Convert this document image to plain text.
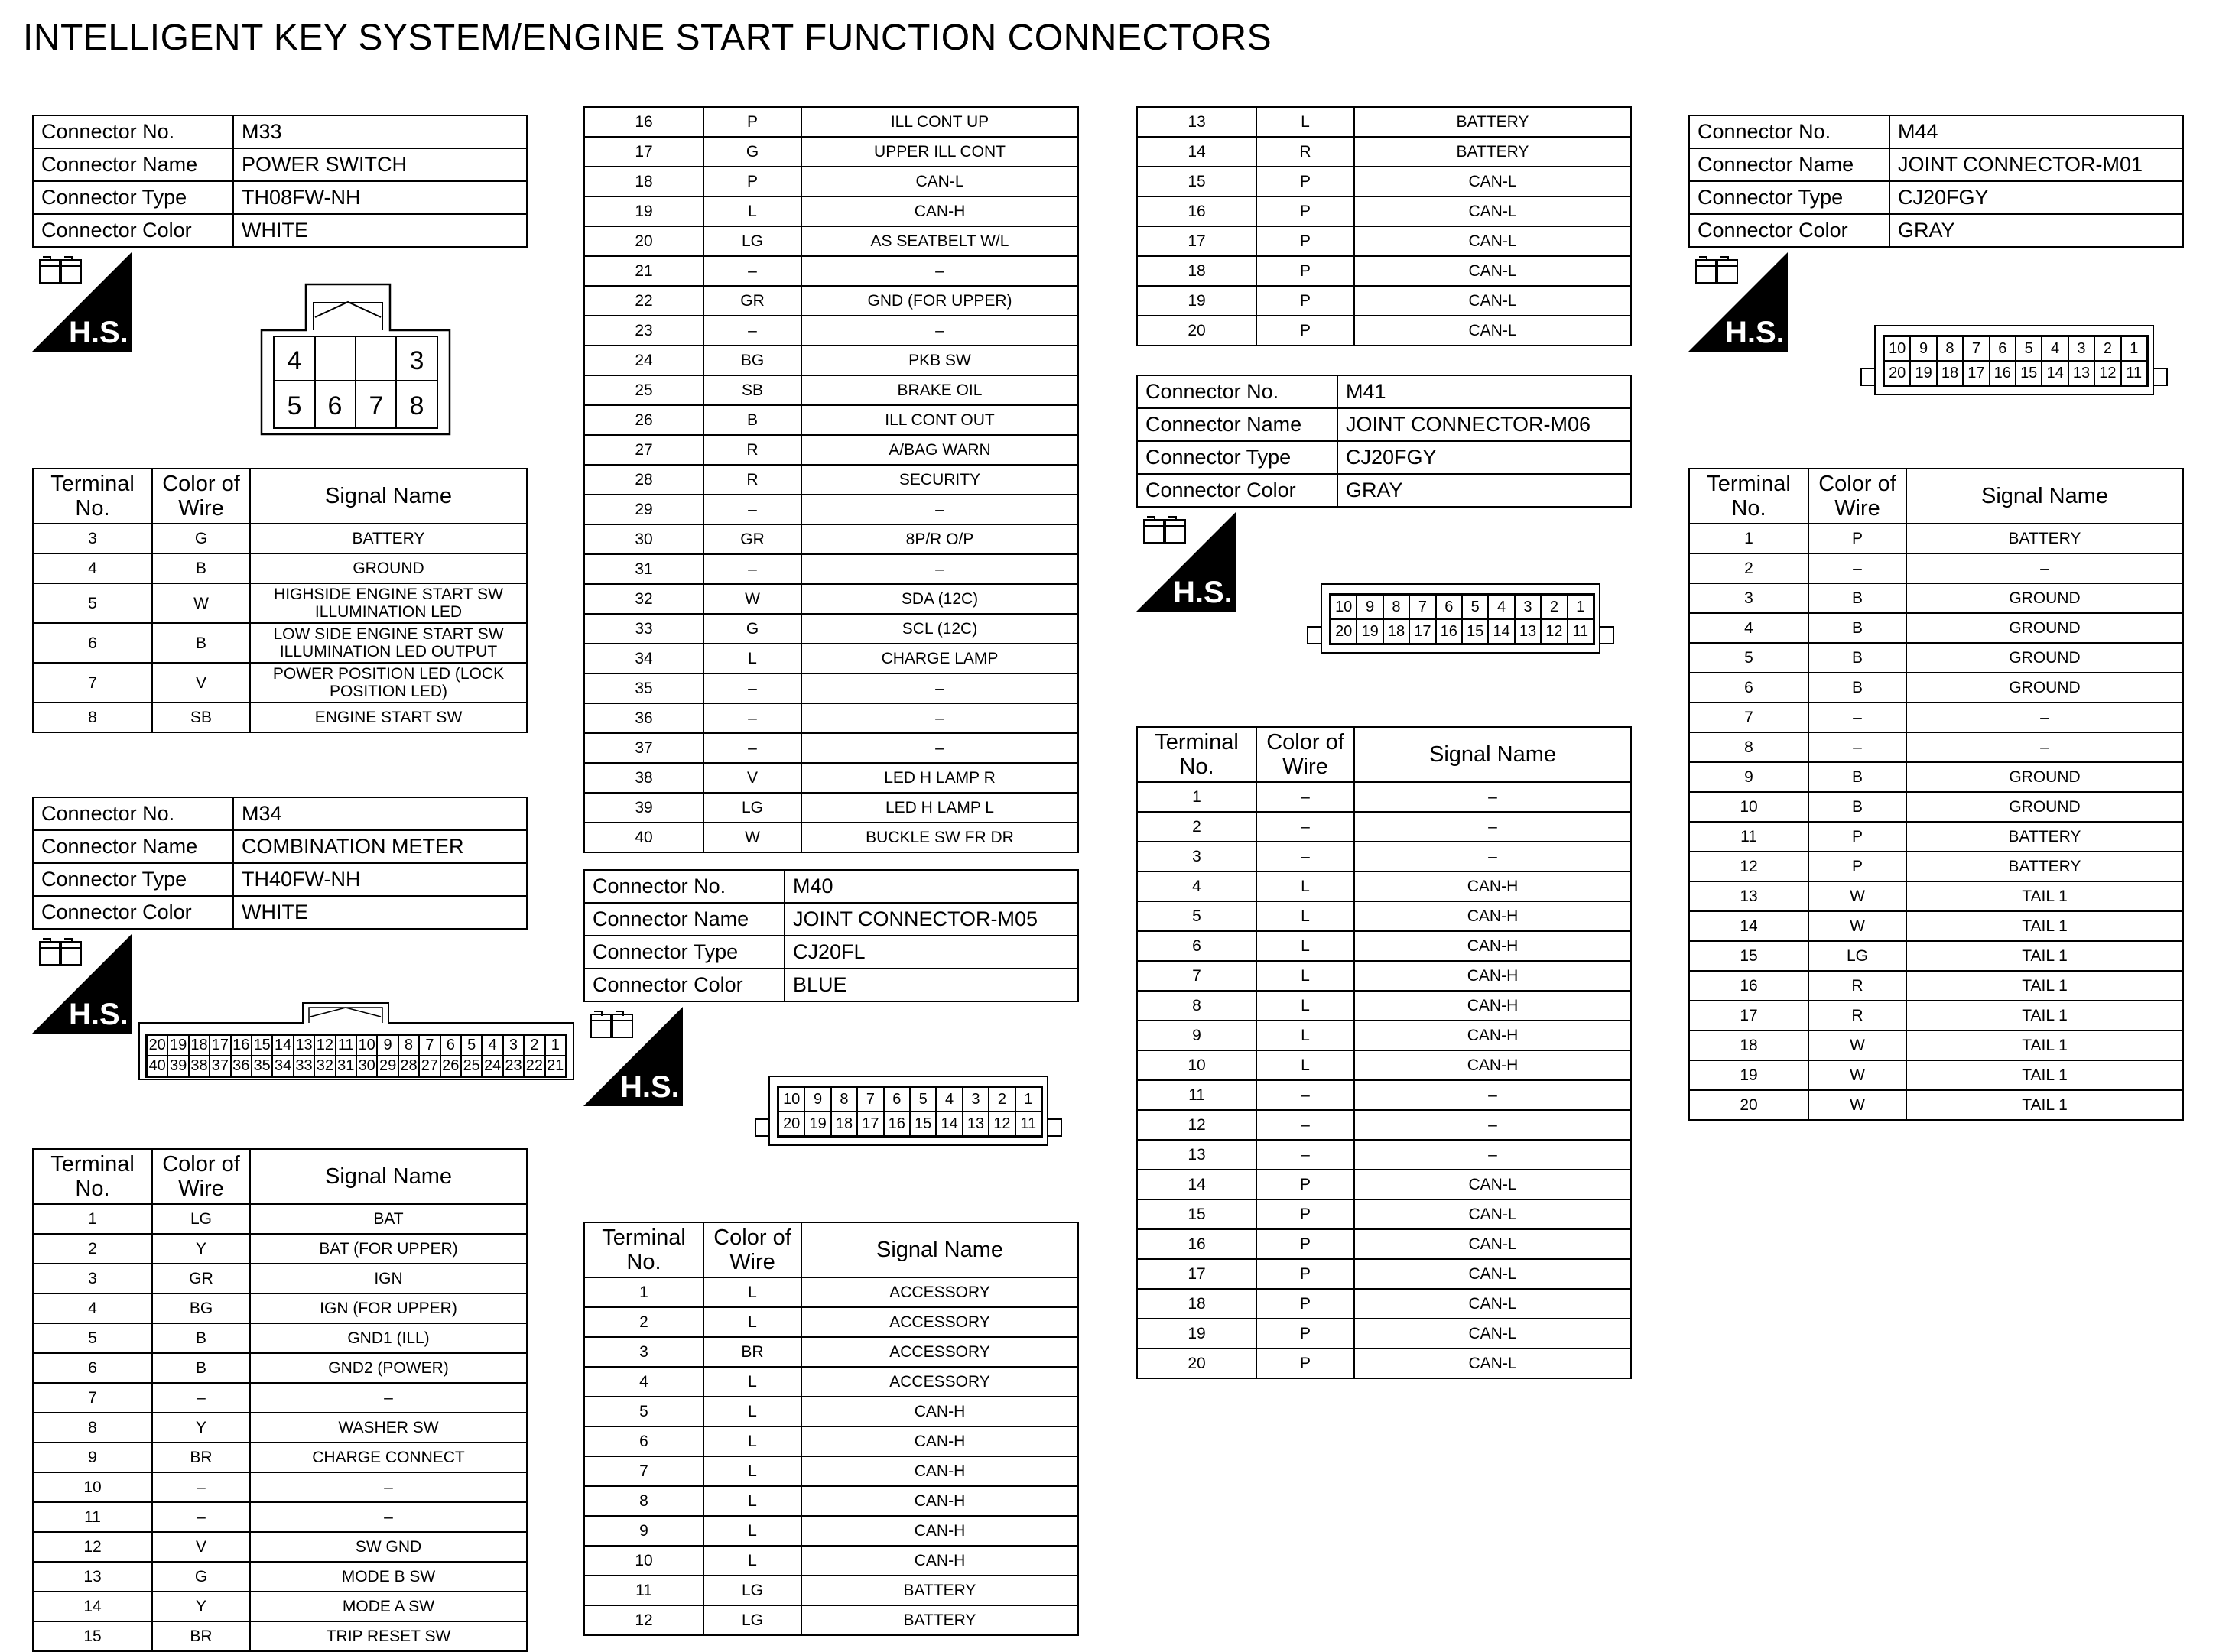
INTELLIGENT KEY SYSTEM/ENGINE START FUNCTION CONNECTORS
Connector No.	M33
Connector Name	POWER SWITCH
Connector Type	TH08FW-NH
Connector Color	WHITE
H.S.
4	3
5 6 7 8
Terminal
No.	Color of
Wire	Signal Name
3	G	BATTERY
4	B	GROUND
5	W	HIGHSIDE ENGINE START SW ILLUMINATION LED
6	B	LOW SIDE ENGINE START SW ILLUMINATION LED OUTPUT
7	V	POWER POSITION LED (LOCK POSITION LED)
8	SB	ENGINE START SW
Connector No.	M34
Connector Name	COMBINATION METER
Connector Type	TH40FW-NH
Connector Color	WHITE
H.S.
20 19 18 17 16 15 14 13 12 11 10 9 8 7 6 5 4 3 2 1
40 39 38 37 36 35 34 33 32 31 30 29 28 27 26 25 24 23 22 21
Terminal
No.	Color of
Wire	Signal Name
1	LG	BAT
2	Y	BAT (FOR UPPER)
3	GR	IGN
4	BG	IGN (FOR UPPER)
5	B	GND1 (ILL)
6	B	GND2 (POWER)
7	–	–
8	Y	WASHER SW
9	BR	CHARGE CONNECT
10	–	–
11	–	–
12	V	SW GND
13	G	MODE B SW
14	Y	MODE A SW
15	BR	TRIP RESET SW
16	P	ILL CONT UP
17	G	UPPER ILL CONT
18	P	CAN-L
19	L	CAN-H
20	LG	AS SEATBELT W/L
21	–	–
22	GR	GND (FOR UPPER)
23	–	–
24	BG	PKB SW
25	SB	BRAKE OIL
26	B	ILL CONT OUT
27	R	A/BAG WARN
28	R	SECURITY
29	–	–
30	GR	8P/R O/P
31	–	–
32	W	SDA (12C)
33	G	SCL (12C)
34	L	CHARGE LAMP
35	–	–
36	–	–
37	–	–
38	V	LED H LAMP R
39	LG	LED H LAMP L
40	W	BUCKLE SW FR DR
Connector No.	M40
Connector Name	JOINT CONNECTOR-M05
Connector Type	CJ20FL
Connector Color	BLUE
H.S.	10 9	8	7	6	5	4	3	2	1
20 19 18 17 16 15 14 13 12 11
Terminal
No.	Color of
Wire	Signal Name
1	L	ACCESSORY
2	L	ACCESSORY
3	BR	ACCESSORY
4	L	ACCESSORY
5	L	CAN-H
6	L	CAN-H
7	L	CAN-H
8	L	CAN-H
9	L	CAN-H
10	L	CAN-H
11	LG	BATTERY
12	LG	BATTERY
13	L	BATTERY
14	R	BATTERY
15	P	CAN-L
16	P	CAN-L
17	P	CAN-L
18	P	CAN-L
19	P	CAN-L
20	P	CAN-L
Connector No.	M41
Connector Name	JOINT CONNECTOR-M06
Connector Type	CJ20FGY
Connector Color	GRAY
H.S.	10 9	8	7	6	5	4	3	2	1
20 19 18 17 16 15 14 13 12 11
Terminal
No.	Color of
Wire	Signal Name
1	–	–
2	–	–
3	–	–
4	L	CAN-H
5	L	CAN-H
6	L	CAN-H
7	L	CAN-H
8	L	CAN-H
9	L	CAN-H
10	L	CAN-H
11	–	–
12	–	–
13	–	–
14	P	CAN-L
15	P	CAN-L
16	P	CAN-L
17	P	CAN-L
18	P	CAN-L
19	P	CAN-L
20	P	CAN-L
Connector No.	M44
Connector Name	JOINT CONNECTOR-M01
Connector Type	CJ20FGY
Connector Color	GRAY
H.S.	10 9	8	7	6	5	4	3	2	1
20 19 18 17 16 15 14 13 12 11
Terminal
No.	Color of
Wire	Signal Name
1	P	BATTERY
2	–	–
3	B	GROUND
4	B	GROUND
5	B	GROUND
6	B	GROUND
7	–	–
8	–	–
9	B	GROUND
10	B	GROUND
11	P	BATTERY
12	P	BATTERY
13	W	TAIL 1
14	W	TAIL 1
15	LG	TAIL 1
16	R	TAIL 1
17	R	TAIL 1
18	W	TAIL 1
19	W	TAIL 1
20	W	TAIL 1
